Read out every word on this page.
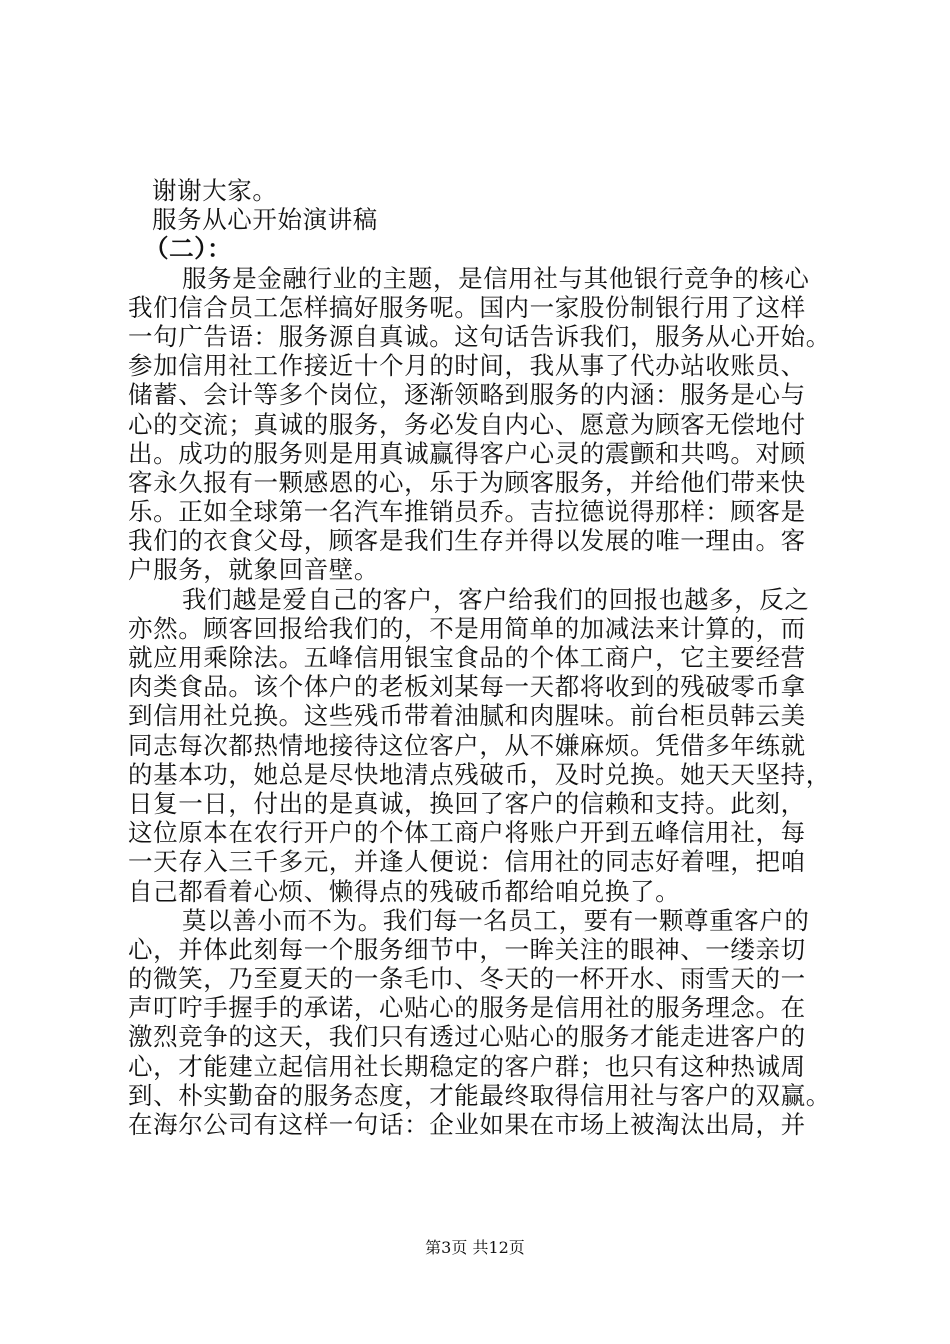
谢谢大家。
服务从心开始演讲稿
（二）：
服务是金融行业的主题，是信用社与其他银行竞争的核心
我们信合员工怎样搞好服务呢。国内一家股份制银行用了这样
一句广告语：服务源自真诚。这句话告诉我们，服务从心开始。
参加信用社工作接近十个月的时间，我从事了代办站收账员、
储蓄、会计等多个岗位，逐渐领略到服务的内涵：服务是心与
心的交流；真诚的服务，务必发自内心、愿意为顾客无偿地付
出。成功的服务则是用真诚赢得客户心灵的震颤和共鸣。对顾
客永久报有一颗感恩的心，乐于为顾客服务，并给他们带来快
乐。正如全球第一名汽车推销员乔。吉拉德说得那样：顾客是
我们的衣食父母，顾客是我们生存并得以发展的唯一理由。客
户服务，就象回音壁。
我们越是爱自己的客户，客户给我们的回报也越多，反之
亦然。顾客回报给我们的，不是用简单的加减法来计算的，而
就应用乘除法。五峰信用银宝食品的个体工商户，它主要经营
肉类食品。该个体户的老板刘某每一天都将收到的残破零币拿
到信用社兑换。这些残币带着油腻和肉腥味。前台柜员韩云美
同志每次都热情地接待这位客户，从不嫌麻烦。凭借多年练就
的基本功，她总是尽快地清点残破币，及时兑换。她天天坚持，
日复一日，付出的是真诚，换回了客户的信赖和支持。此刻，
这位原本在农行开户的个体工商户将账户开到五峰信用社，每
一天存入三千多元，并逢人便说：信用社的同志好着哩，把咱
自己都看着心烦、懒得点的残破币都给咱兑换了。
莫以善小而不为。我们每一名员工，要有一颗尊重客户的
心，并体此刻每一个服务细节中，一眸关注的眼神、一缕亲切
的微笑，乃至夏天的一条毛巾、冬天的一杯开水、雨雪天的一
声叮咛手握手的承诺，心贴心的服务是信用社的服务理念。在
激烈竞争的这天，我们只有透过心贴心的服务才能走进客户的
心，才能建立起信用社长期稳定的客户群；也只有这种热诚周
到、朴实勤奋的服务态度，才能最终取得信用社与客户的双赢。
在海尔公司有这样一句话：企业如果在市场上被淘汰出局，并
第3页 共12页
